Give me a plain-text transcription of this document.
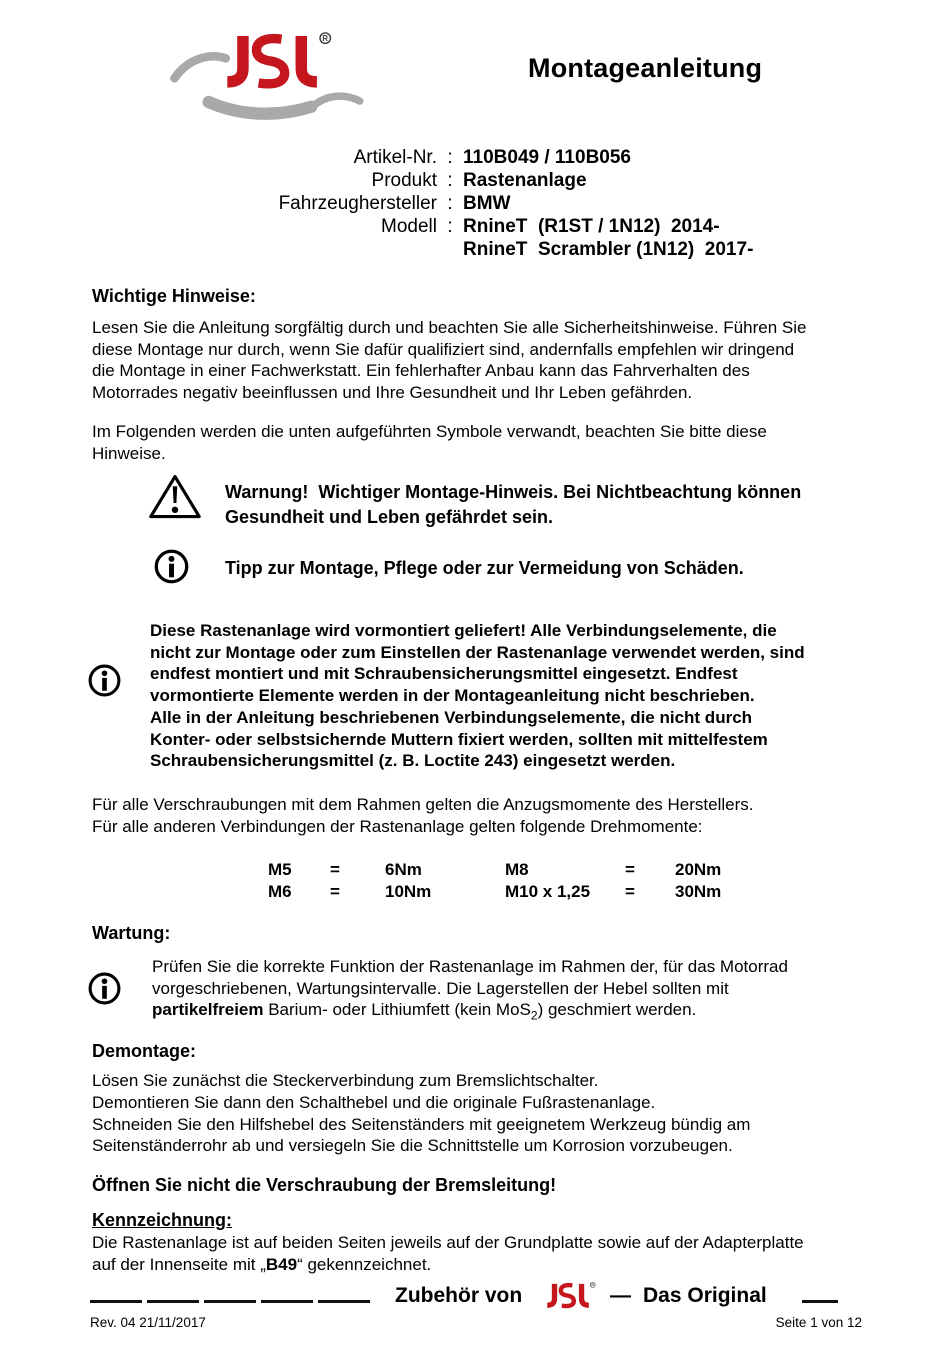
Montageanleitung
Artikel-Nr. : 110B049 / 110B056
Produkt : Rastenanlage
Fahrzeughersteller : BMW
Modell : RnineT  (R1ST / 1N12)  2014-
RnineT  Scrambler (1N12)  2017-
Wichtige Hinweise:
Lesen Sie die Anleitung sorgfältig durch und beachten Sie alle Sicherheitshinweise. Führen Sie
diese Montage nur durch, wenn Sie dafür qualifiziert sind, andernfalls empfehlen wir dringend
die Montage in einer Fachwerkstatt. Ein fehlerhafter Anbau kann das Fahrverhalten des
Motorrades negativ beeinflussen und Ihre Gesundheit und Ihr Leben gefährden.
Im Folgenden werden die unten aufgeführten Symbole verwandt, beachten Sie bitte diese
Hinweise.
Warnung!  Wichtiger Montage-Hinweis. Bei Nichtbeachtung können
Gesundheit und Leben gefährdet sein.
Tipp zur Montage, Pflege oder zur Vermeidung von Schäden.
Diese Rastenanlage wird vormontiert geliefert! Alle Verbindungselemente, die
nicht zur Montage oder zum Einstellen der Rastenanlage verwendet werden, sind
endfest montiert und mit Schraubensicherungsmittel eingesetzt. Endfest
vormontierte Elemente werden in der Montageanleitung nicht beschrieben.
Alle in der Anleitung beschriebenen Verbindungselemente, die nicht durch
Konter- oder selbstsichernde Muttern fixiert werden, sollten mit mittelfestem
Schraubensicherungsmittel (z. B. Loctite 243) eingesetzt werden.
Für alle Verschraubungen mit dem Rahmen gelten die Anzugsmomente des Herstellers.
Für alle anderen Verbindungen der Rastenanlage gelten folgende Drehmomente:
M5	=	6Nm	M8	=	20Nm
M6	=	10Nm	M10 x 1,25	=	30Nm
Wartung:
Prüfen Sie die korrekte Funktion der Rastenanlage im Rahmen der, für das Motorrad
vorgeschriebenen, Wartungsintervalle. Die Lagerstellen der Hebel sollten mit
partikelfreiem Barium- oder Lithiumfett (kein MoS$_2$) geschmiert werden.
Demontage:
Lösen Sie zunächst die Steckerverbindung zum Bremslichtschalter.
Demontieren Sie dann den Schalthebel und die originale Fußrastenanlage.
Schneiden Sie den Hilfshebel des Seitenständers mit geeignetem Werkzeug bündig am
Seitenständerrohr ab und versiegeln Sie die Schnittstelle um Korrosion vorzubeugen.
Öffnen Sie nicht die Verschraubung der Bremsleitung!
Kennzeichnung:
Die Rastenanlage ist auf beiden Seiten jeweils auf der Grundplatte sowie auf der Adapterplatte
auf der Innenseite mit „B49“ gekennzeichnet.
Zubehör von	— Das Original
Rev. 04 21/11/2017	Seite 1 von 12
